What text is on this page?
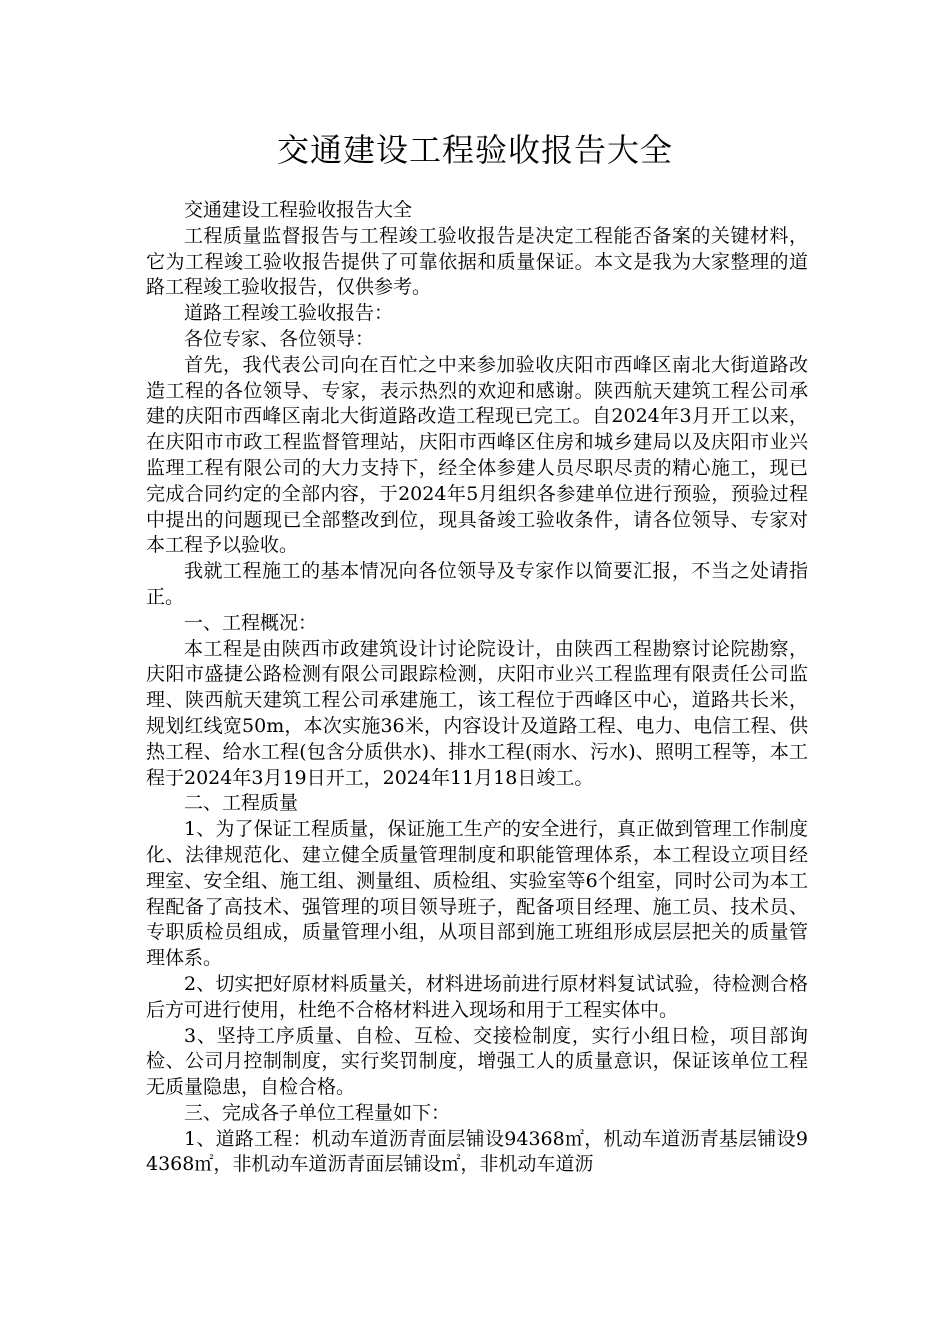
交通建设工程验收报告大全

交通建设工程验收报告大全

工程质量监督报告与工程竣工验收报告是决定工程能否备案的关键材料，它为工程竣工验收报告提供了可靠依据和质量保证。本文是我为大家整理的道路工程竣工验收报告，仅供参考。

道路工程竣工验收报告：

各位专家、各位领导：

首先，我代表公司向在百忙之中来参加验收庆阳市西峰区南北大街道路改造工程的各位领导、专家，表示热烈的欢迎和感谢。陕西航天建筑工程公司承建的庆阳市西峰区南北大街道路改造工程现已完工。自2024年3月开工以来，在庆阳市市政工程监督管理站，庆阳市西峰区住房和城乡建局以及庆阳市业兴监理工程有限公司的大力支持下，经全体参建人员尽职尽责的精心施工，现已完成合同约定的全部内容，于2024年5月组织各参建单位进行预验，预验过程中提出的问题现已全部整改到位，现具备竣工验收条件，请各位领导、专家对本工程予以验收。

我就工程施工的基本情况向各位领导及专家作以简要汇报，不当之处请指正。

一、工程概况：

本工程是由陕西市政建筑设计讨论院设计，由陕西工程勘察讨论院勘察，庆阳市盛捷公路检测有限公司跟踪检测，庆阳市业兴工程监理有限责任公司监理、陕西航天建筑工程公司承建施工，该工程位于西峰区中心，道路共长米，规划红线宽50m，本次实施36米，内容设计及道路工程、电力、电信工程、供热工程、给水工程(包含分质供水)、排水工程(雨水、污水)、照明工程等，本工程于2024年3月19日开工，2024年11月18日竣工。

二、工程质量

1、为了保证工程质量，保证施工生产的安全进行，真正做到管理工作制度化、法律规范化、建立健全质量管理制度和职能管理体系，本工程设立项目经理室、安全组、施工组、测量组、质检组、实验室等6个组室，同时公司为本工程配备了高技术、强管理的项目领导班子，配备项目经理、施工员、技术员、专职质检员组成，质量管理小组，从项目部到施工班组形成层层把关的质量管理体系。

2、切实把好原材料质量关，材料进场前进行原材料复试试验，待检测合格后方可进行使用，杜绝不合格材料进入现场和用于工程实体中。

3、坚持工序质量、自检、互检、交接检制度，实行小组日检，项目部询检、公司月控制制度，实行奖罚制度，增强工人的质量意识，保证该单位工程无质量隐患，自检合格。

三、完成各子单位工程量如下：

1、道路工程：机动车道沥青面层铺设94368㎡，机动车道沥青基层铺设94368㎡，非机动车道沥青面层铺设㎡，非机动车道沥
